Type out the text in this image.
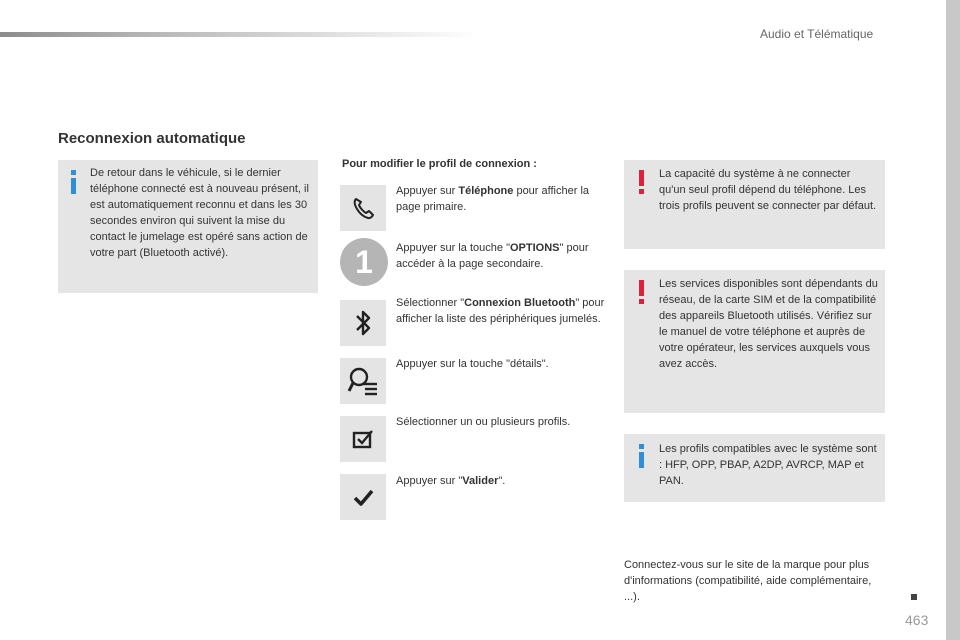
Audio et Télématique
Reconnexion automatique
De retour dans le véhicule, si le dernier téléphone connecté est à nouveau présent, il est automatiquement reconnu et dans les 30 secondes environ qui suivent la mise du contact le jumelage est opéré sans action de votre part (Bluetooth activé).
Pour modifier le profil de connexion :
Appuyer sur Téléphone pour afficher la page primaire.
1	Appuyer sur la touche "OPTIONS" pour accéder à la page secondaire.
Sélectionner "Connexion Bluetooth" pour afficher la liste des périphériques jumelés.
Appuyer sur la touche "détails".
Sélectionner un ou plusieurs profils.
Appuyer sur "Valider".
La capacité du système à ne connecter qu'un seul profil dépend du téléphone. Les trois profils peuvent se connecter par défaut.
Les services disponibles sont dépendants du réseau, de la carte SIM et de la compatibilité des appareils Bluetooth utilisés. Vérifiez sur le manuel de votre téléphone et auprès de votre opérateur, les services auxquels vous avez accès.
Les profils compatibles avec le système sont : HFP, OPP, PBAP, A2DP, AVRCP, MAP et PAN.
Connectez-vous sur le site de la marque pour plus d'informations (compatibilité, aide complémentaire, ...).
463
